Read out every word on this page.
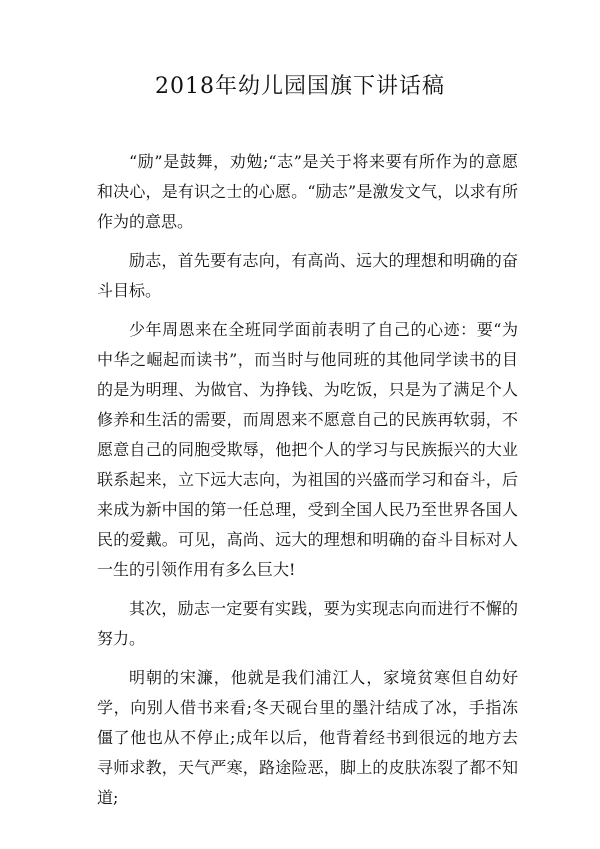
2018年幼儿园国旗下讲话稿

“励”是鼓舞，劝勉;“志”是关于将来要有所作为的意愿和决心，是有识之士的心愿。“励志”是激发文气，以求有所作为的意思。

励志，首先要有志向，有高尚、远大的理想和明确的奋斗目标。

少年周恩来在全班同学面前表明了自己的心迹：要“为中华之崛起而读书”，而当时与他同班的其他同学读书的目的是为明理、为做官、为挣钱、为吃饭，只是为了满足个人修养和生活的需要，而周恩来不愿意自己的民族再软弱，不愿意自己的同胞受欺辱，他把个人的学习与民族振兴的大业联系起来，立下远大志向，为祖国的兴盛而学习和奋斗，后来成为新中国的第一任总理，受到全国人民乃至世界各国人民的爱戴。可见，高尚、远大的理想和明确的奋斗目标对人一生的引领作用有多么巨大!

其次，励志一定要有实践，要为实现志向而进行不懈的努力。

明朝的宋濂，他就是我们浦江人，家境贫寒但自幼好学，向别人借书来看;冬天砚台里的墨汁结成了冰，手指冻僵了他也从不停止;成年以后，他背着经书到很远的地方去寻师求教，天气严寒，路途险恶，脚上的皮肤冻裂了都不知道;
